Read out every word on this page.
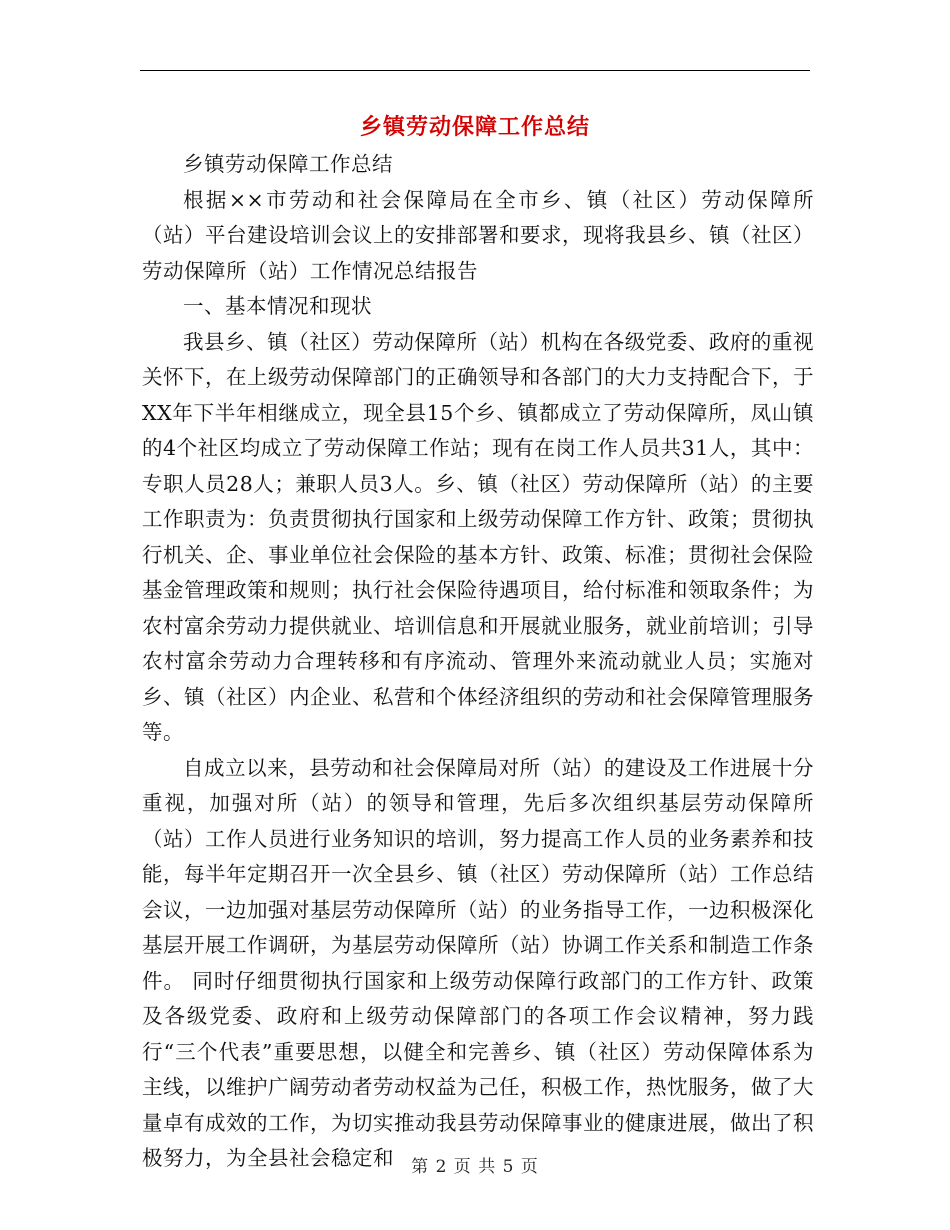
乡镇劳动保障工作总结

乡镇劳动保障工作总结

根据××市劳动和社会保障局在全市乡、镇（社区）劳动保障所（站）平台建设培训会议上的安排部署和要求，现将我县乡、镇（社区）劳动保障所（站）工作情况总结报告

一、基本情况和现状

我县乡、镇（社区）劳动保障所（站）机构在各级党委、政府的重视关怀下，在上级劳动保障部门的正确领导和各部门的大力支持配合下，于XX年下半年相继成立，现全县15个乡、镇都成立了劳动保障所，凤山镇的4个社区均成立了劳动保障工作站；现有在岗工作人员共31人，其中：专职人员28人；兼职人员3人。乡、镇（社区）劳动保障所（站）的主要工作职责为：负责贯彻执行国家和上级劳动保障工作方针、政策；贯彻执行机关、企、事业单位社会保险的基本方针、政策、标准；贯彻社会保险基金管理政策和规则；执行社会保险待遇项目，给付标准和领取条件；为农村富余劳动力提供就业、培训信息和开展就业服务，就业前培训；引导农村富余劳动力合理转移和有序流动、管理外来流动就业人员；实施对乡、镇（社区）内企业、私营和个体经济组织的劳动和社会保障管理服务等。

自成立以来，县劳动和社会保障局对所（站）的建设及工作进展十分重视，加强对所（站）的领导和管理，先后多次组织基层劳动保障所（站）工作人员进行业务知识的培训，努力提高工作人员的业务素养和技能，每半年定期召开一次全县乡、镇（社区）劳动保障所（站）工作总结会议，一边加强对基层劳动保障所（站）的业务指导工作，一边积极深化基层开展工作调研，为基层劳动保障所（站）协调工作关系和制造工作条件。 同时仔细贯彻执行国家和上级劳动保障行政部门的工作方针、政策及各级党委、政府和上级劳动保障部门的各项工作会议精神，努力践行“三个代表”重要思想，以健全和完善乡、镇（社区）劳动保障体系为主线，以维护广阔劳动者劳动权益为己任，积极工作，热忱服务，做了大量卓有成效的工作，为切实推动我县劳动保障事业的健康进展，做出了积极努力，为全县社会稳定和	第 2 页 共 5 页
